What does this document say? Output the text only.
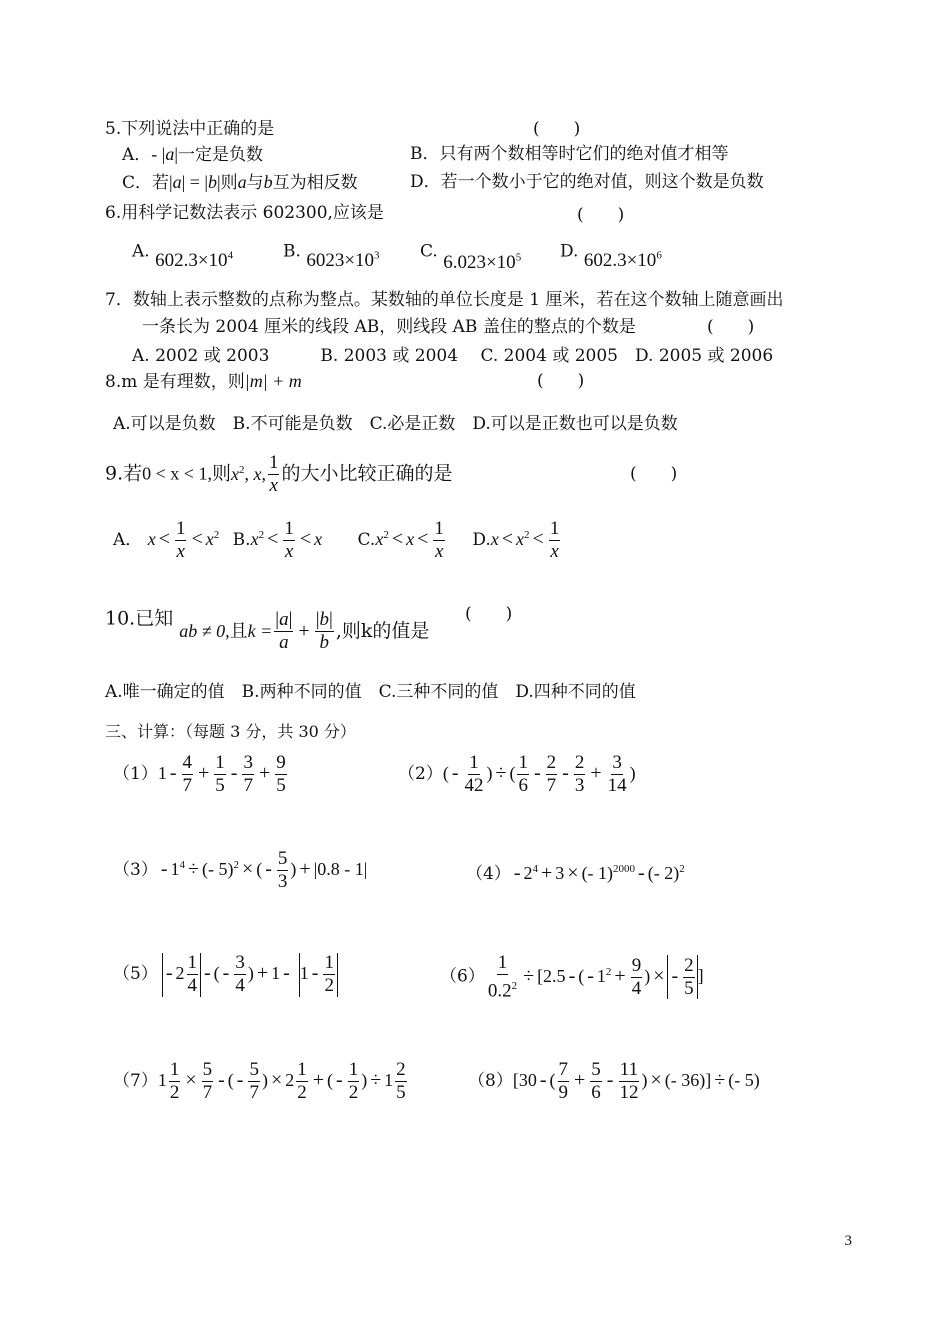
5.下列说法中正确的是	(　　)
A．- |a|一定是负数	B．只有两个数相等时它们的绝对值才相等
C．若|a| = |b|则a与b互为相反数	D．若一个数小于它的绝对值，则这个数是负数
6.用科学记数法表示 602300,应该是	(　　)
A. $602.3\times 10^4$	B. $6023\times 10^3$ C. $6.023\times 10^5$ D. $602.3\times 10^6$
7．数轴上表示整数的点称为整点。某数轴的单位长度是 1 厘米，若在这个数轴上随意画出
一条长为 2004 厘米的线段 AB，则线段 AB 盖住的整点的个数是	(　　)
A. 2002 或 2003　　　B. 2003 或 2004　 C. 2004 或 2005　D. 2005 或 2006
8.m 是有理数，则|m| + m	(　　)
A.可以是负数　B.不可能是负数　C.必是正数　D.可以是正数也可以是负数
9.若0 < x < 1,则$x^2$, x, $\frac{1}{x}$ 的大小比较正确的是	(　　)
A． $x < \frac{1}{x} < x^2$ $B.x^2 < \frac{1}{x} < x$ $C.x^2 < x < \frac{1}{x} D.x < x^2 < \frac{1}{x}$
10.已知 ab ≠ 0,且$k = \frac{|a|}{a} + \frac{|b|}{b}$ ,则k的值是
(　　)
A.唯一确定的值　B.两种不同的值　C.三种不同的值　D.四种不同的值
三、计算：（每题 3 分，共 30 分）
$(1)1 - \frac{4}{7} + \frac{1}{5} - \frac{3}{7} + \frac{9}{5}$	$(2)( - \frac{1}{42}$ ) ÷ ( $\frac{1}{6} - \frac{2}{7} - \frac{2}{3} + \frac{3}{14}$ )
$(3) - 1^4$ ÷ (- 5)$^2$ × ( - $\frac{5}{3}$ ) + |0.8 - 1|	$(4) - 2^4 + 3$ × (- 1)$^{2000}$ - (- 2)$^2$
$(5) - 2 \frac{1}{4}$ - ( - $\frac{3}{4}$ ) + $1 - 1 - \frac{1}{2}$	$(6) \frac{1}{0.2^2} \div [2.5$ - ( - $1^2 + \frac{9}{4}$ ) × - $\frac{2}{5}$ ]
$(7)1 \frac{1}{2} \times \frac{5}{7}$ - ( - $\frac{5}{7}$ ) × $2 \frac{1}{2}$ + ( - $\frac{1}{2}$ ) ÷ $1 \frac{2}{5}$	（8）[30 - ( $\frac{7}{9} + \frac{5}{6} - \frac{11}{12}$ ) × (- 36)] ÷ (- 5)
3
